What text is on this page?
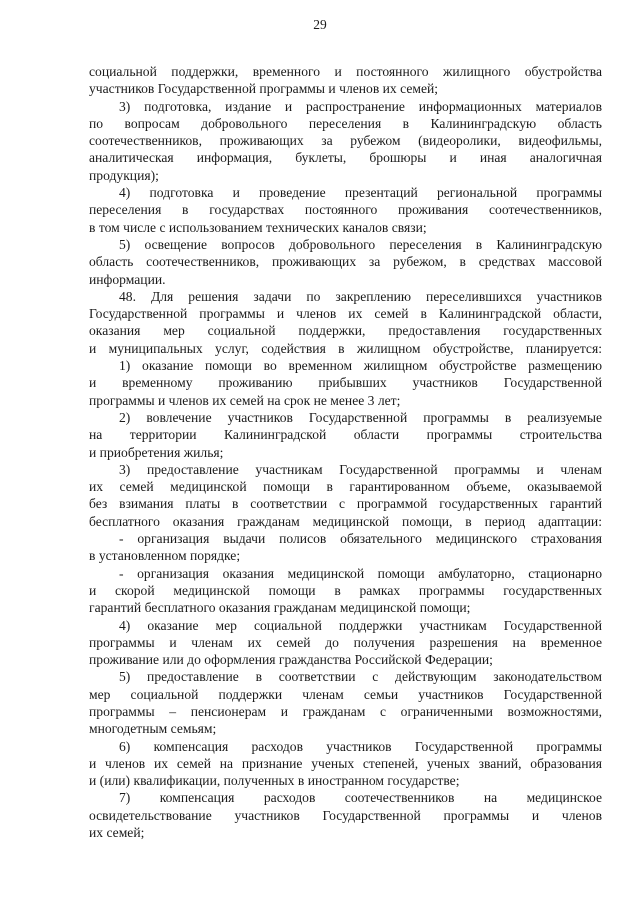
29
социальной поддержки, временного и постоянного жилищного обустройства
участников Государственной программы и членов их семей;
3) подготовка, издание и распространение информационных материалов
по вопросам добровольного переселения в Калининградскую область
соотечественников, проживающих за рубежом (видеоролики, видеофильмы,
аналитическая информация, буклеты, брошюры и иная аналогичная
продукция);
4) подготовка и проведение презентаций региональной программы
переселения в государствах постоянного проживания соотечественников,
в том числе с использованием технических каналов связи;
5) освещение вопросов добровольного переселения в Калининградскую
область соотечественников, проживающих за рубежом, в средствах массовой
информации.
48. Для решения задачи по закреплению переселившихся участников
Государственной программы и членов их семей в Калининградской области,
оказания мер социальной поддержки, предоставления государственных
и муниципальных услуг, содействия в жилищном обустройстве, планируется:
1) оказание помощи во временном жилищном обустройстве размещению
и временному проживанию прибывших участников Государственной
программы и членов их семей на срок не менее 3 лет;
2) вовлечение участников Государственной программы в реализуемые
на территории Калининградской области программы строительства
и приобретения жилья;
3) предоставление участникам Государственной программы и членам
их семей медицинской помощи в гарантированном объеме, оказываемой
без взимания платы в соответствии с программой государственных гарантий
бесплатного оказания гражданам медицинской помощи, в период адаптации:
- организация выдачи полисов обязательного медицинского страхования
в установленном порядке;
- организация оказания медицинской помощи амбулаторно, стационарно
и скорой медицинской помощи в рамках программы государственных
гарантий бесплатного оказания гражданам медицинской помощи;
4) оказание мер социальной поддержки участникам Государственной
программы и членам их семей до получения разрешения на временное
проживание или до оформления гражданства Российской Федерации;
5) предоставление в соответствии с действующим законодательством
мер социальной поддержки членам семьи участников Государственной
программы – пенсионерам и гражданам с ограниченными возможностями,
многодетным семьям;
6) компенсация расходов участников Государственной программы
и членов их семей на признание ученых степеней, ученых званий, образования
и (или) квалификации, полученных в иностранном государстве;
7) компенсация расходов соотечественников на медицинское
освидетельствование участников Государственной программы и членов
их семей;
